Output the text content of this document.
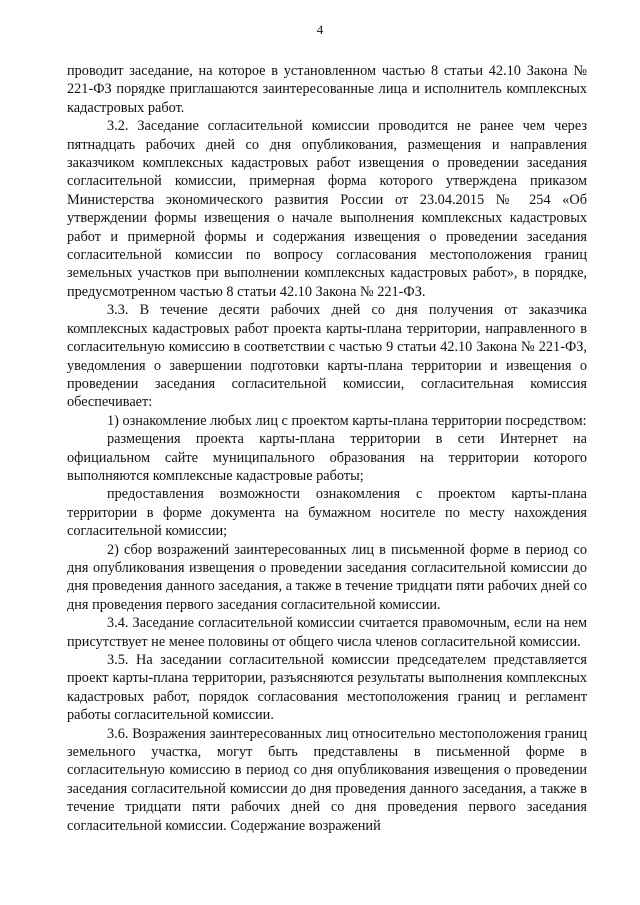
4

проводит заседание, на которое в установленном частью 8 статьи 42.10 Закона № 221-ФЗ порядке приглашаются заинтересованные лица и исполнитель комплексных кадастровых работ.

3.2. Заседание согласительной комиссии проводится не ранее чем через пятнадцать рабочих дней со дня опубликования, размещения и направления заказчиком комплексных кадастровых работ извещения о проведении заседания согласительной комиссии, примерная форма которого утверждена приказом Министерства экономического развития России от 23.04.2015 № 254 «Об утверждении формы извещения о начале выполнения комплексных кадастровых работ и примерной формы и содержания извещения о проведении заседания согласительной комиссии по вопросу согласования местоположения границ земельных участков при выполнении комплексных кадастровых работ», в порядке, предусмотренном частью 8 статьи 42.10 Закона № 221-ФЗ.

3.3. В течение десяти рабочих дней со дня получения от заказчика комплексных кадастровых работ проекта карты-плана территории, направленного в согласительную комиссию в соответствии с частью 9 статьи 42.10 Закона № 221-ФЗ, уведомления о завершении подготовки карты-плана территории и извещения о проведении заседания согласительной комиссии, согласительная комиссия обеспечивает:

1) ознакомление любых лиц с проектом карты-плана территории посредством:

размещения проекта карты-плана территории в сети Интернет на официальном сайте муниципального образования на территории которого выполняются комплексные кадастровые работы;

предоставления возможности ознакомления с проектом карты-плана территории в форме документа на бумажном носителе по месту нахождения согласительной комиссии;

2) сбор возражений заинтересованных лиц в письменной форме в период со дня опубликования извещения о проведении заседания согласительной комиссии до дня проведения данного заседания, а также в течение тридцати пяти рабочих дней со дня проведения первого заседания согласительной комиссии.

3.4. Заседание согласительной комиссии считается правомочным, если на нем присутствует не менее половины от общего числа членов согласительной комиссии.

3.5. На заседании согласительной комиссии председателем представляется проект карты-плана территории, разъясняются результаты выполнения комплексных кадастровых работ, порядок согласования местоположения границ и регламент работы согласительной комиссии.

3.6. Возражения заинтересованных лиц относительно местоположения границ земельного участка, могут быть представлены в письменной форме в согласительную комиссию в период со дня опубликования извещения о проведении заседания согласительной комиссии до дня проведения данного заседания, а также в течение тридцати пяти рабочих дней со дня проведения первого заседания согласительной комиссии. Содержание возражений
